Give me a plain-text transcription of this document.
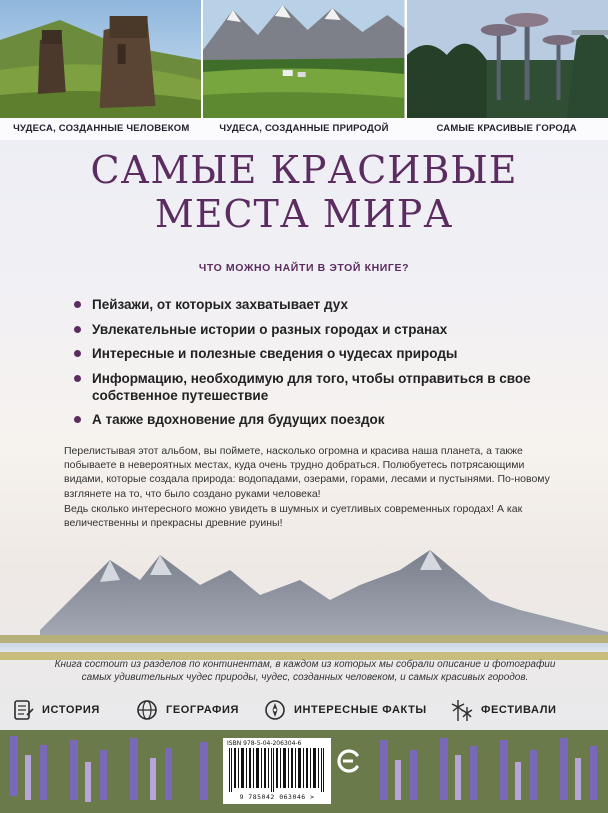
ЧУДЕСА, СОЗДАННЫЕ ЧЕЛОВЕКОМ	ЧУДЕСА, СОЗДАННЫЕ ПРИРОДОЙ	САМЫЕ КРАСИВЫЕ ГОРОДА
САМЫЕ КРАСИВЫЕ
МЕСТА МИРА
ЧТО МОЖНО НАЙТИ В ЭТОЙ КНИГЕ?
Пейзажи, от которых захватывает дух
Увлекательные истории о разных городах и странах
Интересные и полезные сведения о чудесах природы
Информацию, необходимую для того, чтобы отправиться в свое собственное путешествие
А также вдохновение для будущих поездок

Перелистывая этот альбом, вы поймете, насколько огромна и красива наша планета, а также побываете в невероятных местах, куда очень трудно добраться. Полюбуетесь потрясающими видами, которые создала природа: водопадами, озерами, горами, лесами и пустынями. По-новому взглянете на то, что было создано руками человека!

Ведь сколько интересного можно увидеть в шумных и суетливых современных городах! А как величественны и прекрасны древние руины!

Книга состоит из разделов по континентам, в каждом из которых мы собрали описание и фотографии самых удивительных чудес природы, чудес, созданных человеком, и самых красивых городов.

ИСТОРИЯ	ГЕОГРАФИЯ	ИНТЕРЕСНЫЕ ФАКТЫ	ФЕСТИВАЛИ
ISBN 978-5-04-206304-6
9 785042 063046 >
